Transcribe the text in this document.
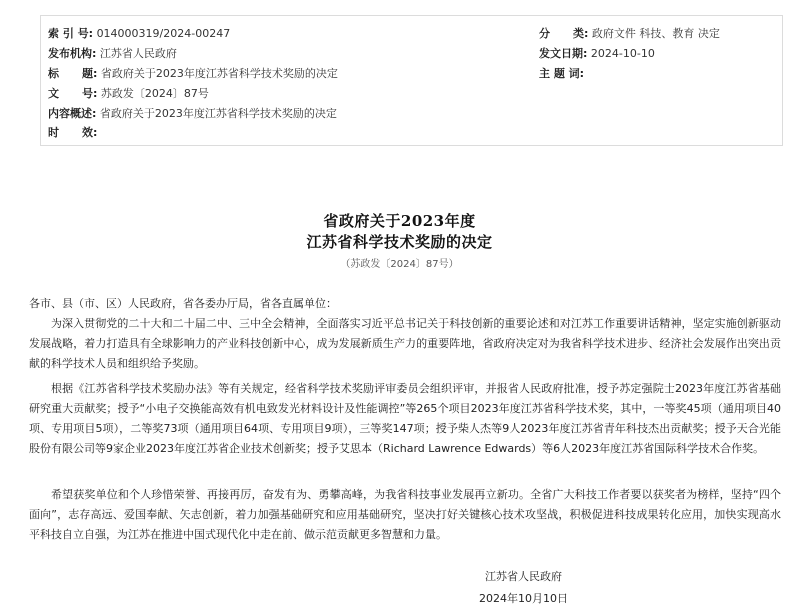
索 引 号: 014000319/2024-00247	分      类: 政府文件 科技、教育 决定
发布机构: 江苏省人民政府	发文日期: 2024-10-10
标      题: 省政府关于2023年度江苏省科学技术奖励的决定	主 题 词:
文      号: 苏政发〔2024〕87号
内容概述: 省政府关于2023年度江苏省科学技术奖励的决定
时      效:
省政府关于2023年度
江苏省科学技术奖励的决定
（苏政发〔2024〕87号）

各市、县（市、区）人民政府，省各委办厅局，省各直属单位：

为深入贯彻党的二十大和二十届二中、三中全会精神，全面落实习近平总书记关于科技创新的重要论述和对江苏工作重要讲话精神，坚定实施创新驱动发展战略，着力打造具有全球影响力的产业科技创新中心，成为发展新质生产力的重要阵地，省政府决定对为我省科学技术进步、经济社会发展作出突出贡献的科学技术人员和组织给予奖励。

根据《江苏省科学技术奖励办法》等有关规定，经省科学技术奖励评审委员会组织评审，并报省人民政府批准，授予苏定强院士2023年度江苏省基础研究重大贡献奖；授予“小电子交换能高效有机电致发光材料设计及性能调控”等265个项目2023年度江苏省科学技术奖，其中，一等奖45项（通用项目40项、专用项目5项），二等奖73项（通用项目64项、专用项目9项），三等奖147项；授予柴人杰等9人2023年度江苏省青年科技杰出贡献奖；授予天合光能股份有限公司等9家企业2023年度江苏省企业技术创新奖；授予艾思本（Richard Lawrence Edwards）等6人2023年度江苏省国际科学技术合作奖。

希望获奖单位和个人珍惜荣誉、再接再厉，奋发有为、勇攀高峰，为我省科技事业发展再立新功。全省广大科技工作者要以获奖者为榜样，坚持“四个面向”，志存高远、爱国奉献、矢志创新，着力加强基础研究和应用基础研究，坚决打好关键核心技术攻坚战，积极促进科技成果转化应用，加快实现高水平科技自立自强，为江苏在推进中国式现代化中走在前、做示范贡献更多智慧和力量。

江苏省人民政府
2024年10月10日
